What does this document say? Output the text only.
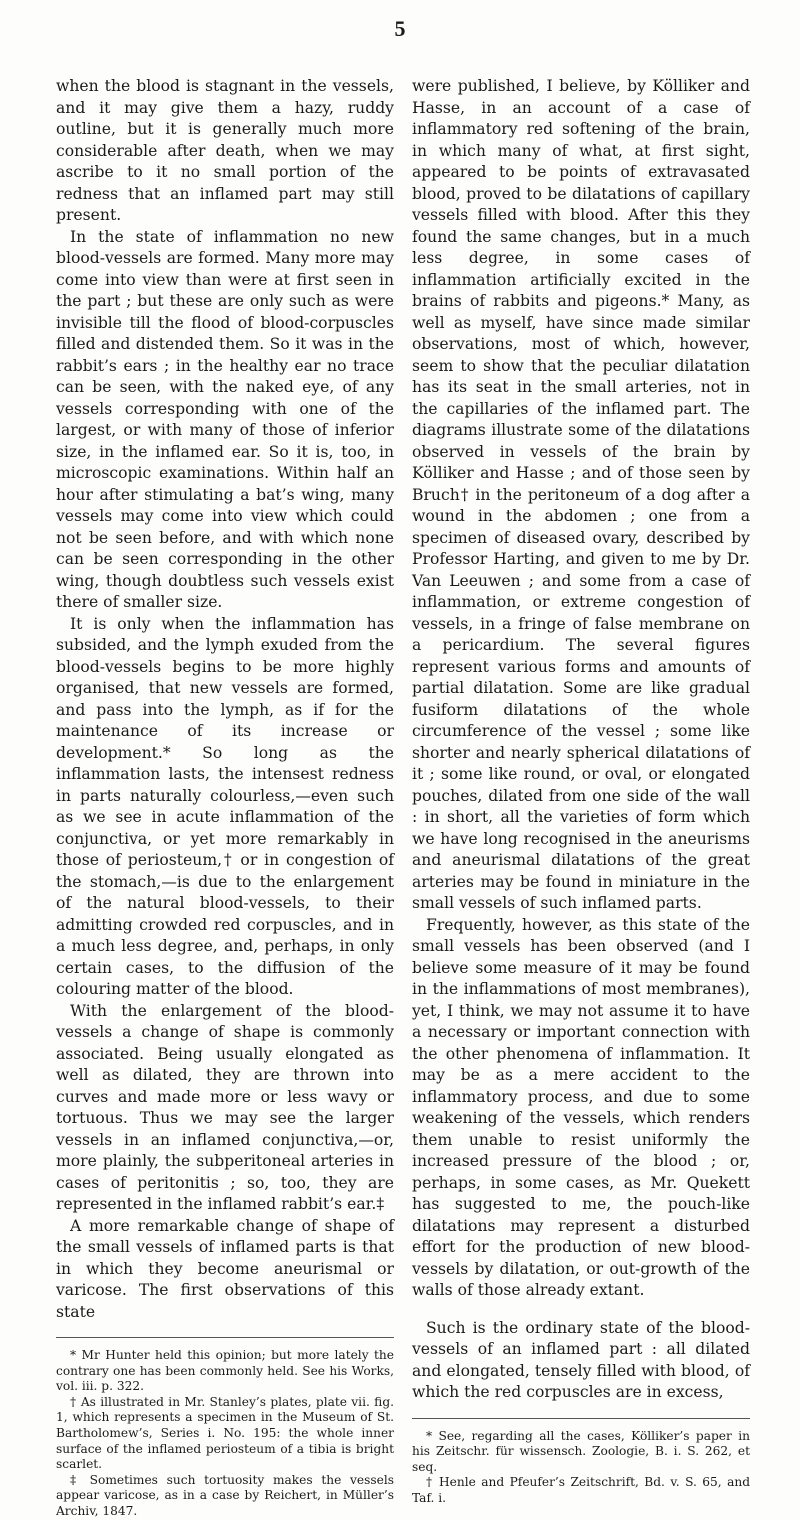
5

when the blood is stagnant in the vessels, and it may give them a hazy, ruddy outline, but it is generally much more considerable after death, when we may ascribe to it no small portion of the redness that an inflamed part may still present.

In the state of inflammation no new blood-vessels are formed. Many more may come into view than were at first seen in the part ; but these are only such as were invisible till the flood of blood-corpuscles filled and distended them. So it was in the rabbit’s ears ; in the healthy ear no trace can be seen, with the naked eye, of any vessels corresponding with one of the largest, or with many of those of inferior size, in the inflamed ear. So it is, too, in microscopic examinations. Within half an hour after stimulating a bat’s wing, many vessels may come into view which could not be seen before, and with which none can be seen corresponding in the other wing, though doubtless such vessels exist there of smaller size.

It is only when the inflammation has subsided, and the lymph exuded from the blood-vessels begins to be more highly organised, that new vessels are formed, and pass into the lymph, as if for the maintenance of its increase or development.* So long as the inflammation lasts, the intensest redness in parts naturally colourless,—even such as we see in acute inflammation of the conjunctiva, or yet more remarkably in those of periosteum,† or in congestion of the stomach,—is due to the enlargement of the natural blood-vessels, to their admitting crowded red corpuscles, and in a much less degree, and, perhaps, in only certain cases, to the diffusion of the colouring matter of the blood.

With the enlargement of the blood-vessels a change of shape is commonly associated. Being usually elongated as well as dilated, they are thrown into curves and made more or less wavy or tortuous. Thus we may see the larger vessels in an inflamed conjunctiva,—or, more plainly, the subperitoneal arteries in cases of peritonitis ; so, too, they are represented in the inflamed rabbit’s ear.‡

A more remarkable change of shape of the small vessels of inflamed parts is that in which they become aneurismal or varicose. The first observations of this state

* Mr Hunter held this opinion; but more lately the contrary one has been commonly held. See his Works, vol. iii. p. 322.

† As illustrated in Mr. Stanley’s plates, plate vii. fig. 1, which represents a specimen in the Museum of St. Bartholomew’s, Series i. No. 195: the whole inner surface of the inflamed periosteum of a tibia is bright scarlet.

‡ Sometimes such tortuosity makes the vessels appear varicose, as in a case by Reichert, in Müller’s Archiv, 1847.

were published, I believe, by Kölliker and Hasse, in an account of a case of inflammatory red softening of the brain, in which many of what, at first sight, appeared to be points of extravasated blood, proved to be dilatations of capillary vessels filled with blood. After this they found the same changes, but in a much less degree, in some cases of inflammation artificially excited in the brains of rabbits and pigeons.* Many, as well as myself, have since made similar observations, most of which, however, seem to show that the peculiar dilatation has its seat in the small arteries, not in the capillaries of the inflamed part. The diagrams illustrate some of the dilatations observed in vessels of the brain by Kölliker and Hasse ; and of those seen by Bruch† in the peritoneum of a dog after a wound in the abdomen ; one from a specimen of diseased ovary, described by Professor Harting, and given to me by Dr. Van Leeuwen ; and some from a case of inflammation, or extreme congestion of vessels, in a fringe of false membrane on a pericardium. The several figures represent various forms and amounts of partial dilatation. Some are like gradual fusiform dilatations of the whole circumference of the vessel ; some like shorter and nearly spherical dilatations of it ; some like round, or oval, or elongated pouches, dilated from one side of the wall : in short, all the varieties of form which we have long recognised in the aneurisms and aneurismal dilatations of the great arteries may be found in miniature in the small vessels of such inflamed parts.

Frequently, however, as this state of the small vessels has been observed (and I believe some measure of it may be found in the inflammations of most membranes), yet, I think, we may not assume it to have a necessary or important connection with the other phenomena of inflammation. It may be as a mere accident to the inflammatory process, and due to some weakening of the vessels, which renders them unable to resist uniformly the increased pressure of the blood ; or, perhaps, in some cases, as Mr. Quekett has suggested to me, the pouch-like dilatations may represent a disturbed effort for the production of new blood-vessels by dilatation, or out-growth of the walls of those already extant.

Such is the ordinary state of the blood-vessels of an inflamed part : all dilated and elongated, tensely filled with blood, of which the red corpuscles are in excess,

* See, regarding all the cases, Kölliker’s paper in his Zeitschr. für wissensch. Zoologie, B. i. S. 262, et seq.

† Henle and Pfeufer’s Zeitschrift, Bd. v. S. 65, and Taf. i.
